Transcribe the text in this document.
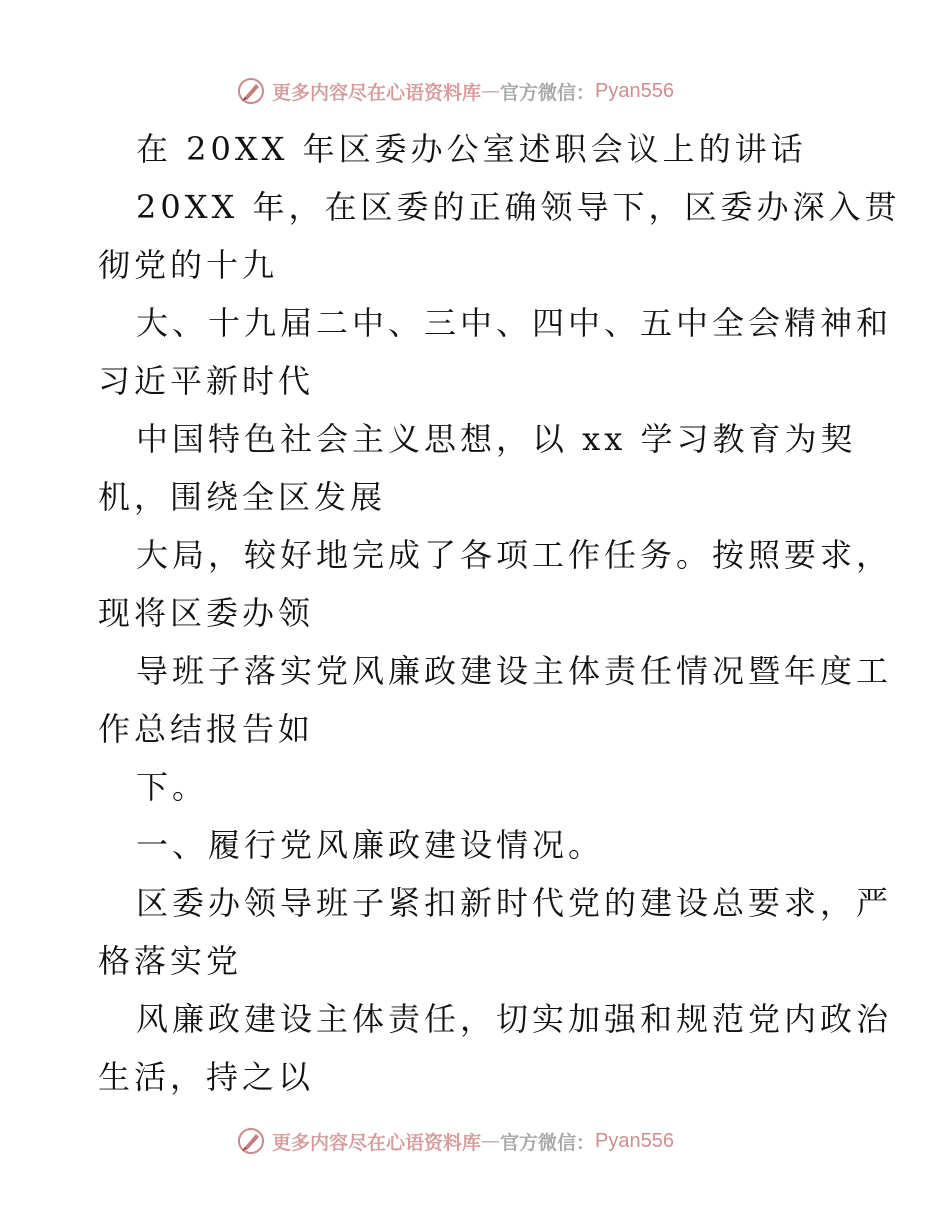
更多内容尽在心语资料库 — 官方微信： Pyan556
在 20XX 年区委办公室述职会议上的讲话
20XX 年，在区委的正确领导下，区委办深入贯
彻党的十九
大、十九届二中、三中、四中、五中全会精神和
习近平新时代
中国特色社会主义思想，以 xx 学习教育为契
机，围绕全区发展
大局，较好地完成了各项工作任务。按照要求，
现将区委办领
导班子落实党风廉政建设主体责任情况暨年度工
作总结报告如
下。
一、履行党风廉政建设情况。
区委办领导班子紧扣新时代党的建设总要求，严
格落实党
风廉政建设主体责任，切实加强和规范党内政治
生活，持之以
更多内容尽在心语资料库 — 官方微信： Pyan556
